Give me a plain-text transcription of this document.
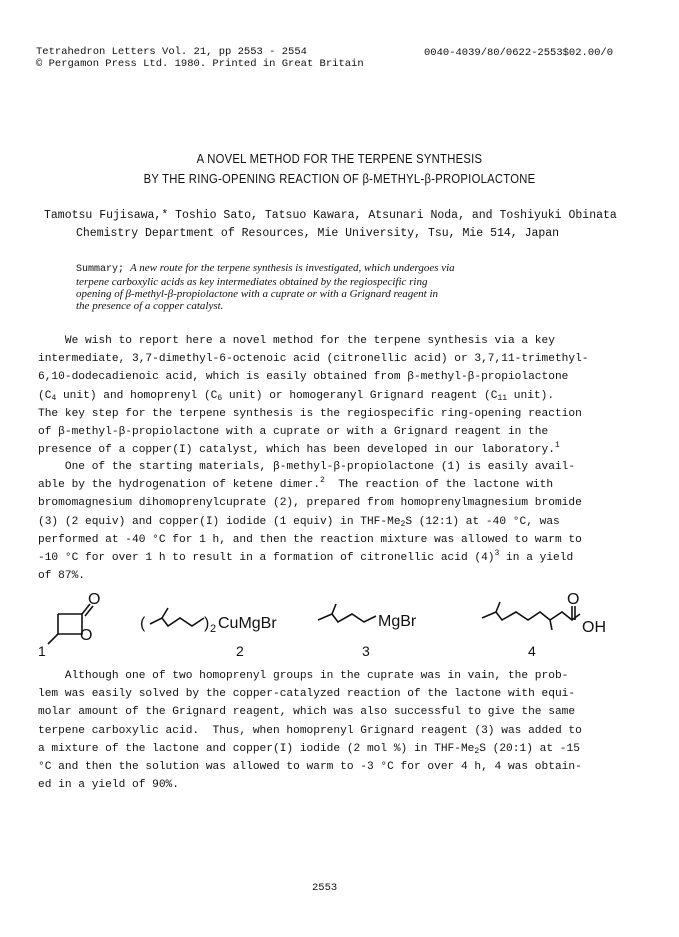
Tetrahedron Letters Vol. 21, pp 2553 - 2554
© Pergamon Press Ltd. 1980. Printed in Great Britain
0040-4039/80/0622-2553$02.00/0
A NOVEL METHOD FOR THE TERPENE SYNTHESIS
BY THE RING-OPENING REACTION OF β-METHYL-β-PROPIOLACTONE
Tamotsu Fujisawa,* Toshio Sato, Tatsuo Kawara, Atsunari Noda, and Toshiyuki Obinata
Chemistry Department of Resources, Mie University, Tsu, Mie 514, Japan
Summary; A new route for the terpene synthesis is investigated, which undergoes via
terpene carboxylic acids as key intermediates obtained by the regiospecific ring
opening of β-methyl-β-propiolactone with a cuprate or with a Grignard reagent in
the presence of a copper catalyst.
We wish to report here a novel method for the terpene synthesis via a key
intermediate, 3,7-dimethyl-6-octenoic acid (citronellic acid) or 3,7,11-trimethyl-
6,10-dodecadienoic acid, which is easily obtained from β-methyl-β-propiolactone
($C_4$ unit) and homoprenyl ($C_6$ unit) or homogeranyl Grignard reagent ($C_{11}$ unit).
The key step for the terpene synthesis is the regiospecific ring-opening reaction
of β-methyl-β-propiolactone with a cuprate or with a Grignard reagent in the
presence of a copper(I) catalyst, which has been developed in our laboratory.$^1$
One of the starting materials, β-methyl-β-propiolactone (1) is easily avail-
able by the hydrogenation of ketene dimer.$^2$  The reaction of the lactone with
bromomagnesium dihomoprenylcuprate (2), prepared from homoprenylmagnesium bromide
(3) (2 equiv) and copper(I) iodide (1 equiv) in THF-$Me_2S$ (12:1) at -40 °C, was
performed at -40 °C for 1 h, and then the reaction mixture was allowed to warm to
-10 °C for over 1 h to result in a formation of citronellic acid $(4)^3$ in a yield
of 87%.
O
O
1
(	) 2 CuMgBr
2
MgBr
3
O
OH
4
Although one of two homoprenyl groups in the cuprate was in vain, the prob-
lem was easily solved by the copper-catalyzed reaction of the lactone with equi-
molar amount of the Grignard reagent, which was also successful to give the same
terpene carboxylic acid.  Thus, when homoprenyl Grignard reagent (3) was added to
a mixture of the lactone and copper(I) iodide (2 mol %) in THF-$Me_2S$ (20:1) at -15
°C and then the solution was allowed to warm to -3 °C for over 4 h, 4 was obtain-
ed in a yield of 90%.
2553
